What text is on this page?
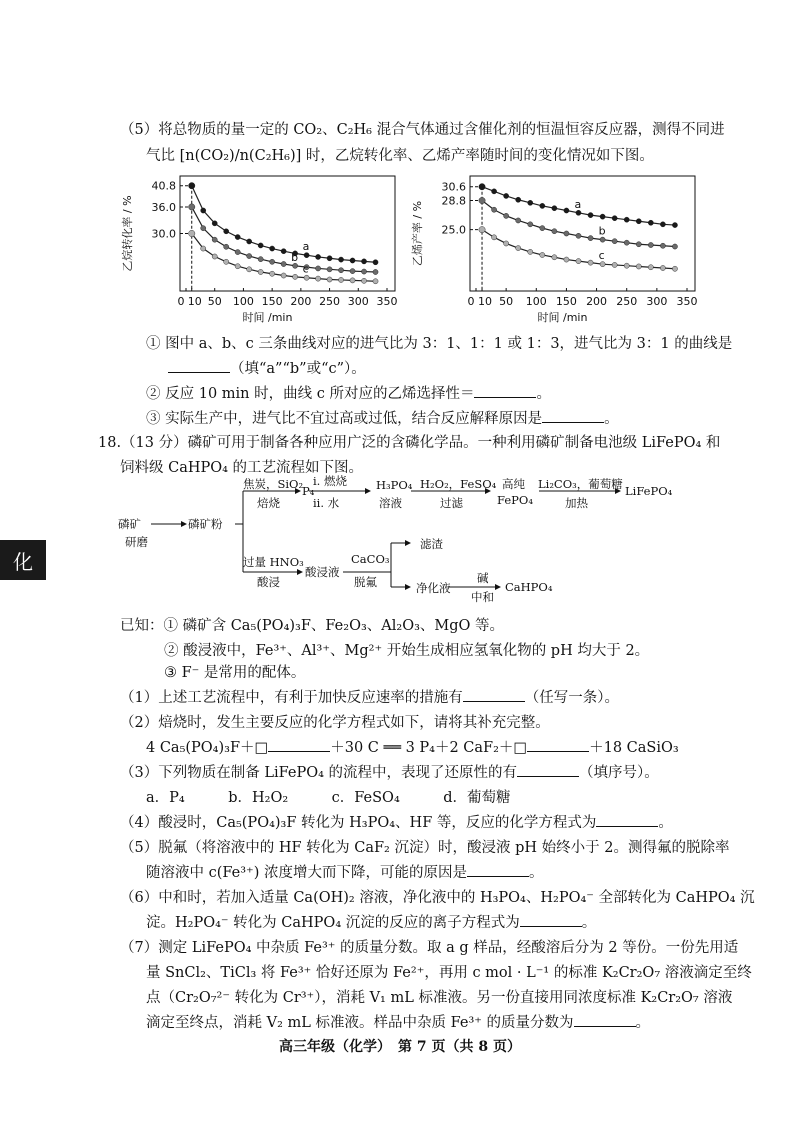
化
（5）将总物质的量一定的 CO₂、C₂H₆ 混合气体通过含催化剂的恒温恒容反应器，测得不同进
气比 [n(CO₂)/n(C₂H₆)] 时，乙烷转化率、乙烯产率随时间的变化情况如下图。
乙烷转化率 / %
0 10 50 100 150 200 250 300 350
时间 /min
40.8
36.0
30.0
a
b
c
乙烯产率 / %
0 10 50 100 150 200 250 300 350
时间 /min
30.6
28.8
25.0
a
b
c
① 图中 a、b、c 三条曲线对应的进气比为 3：1、1：1 或 1：3，进气比为 3：1 的曲线是
（填“a”“b”或“c”）。
② 反应 10 min 时，曲线 c 所对应的乙烯选择性＝	。
③ 实际生产中，进气比不宜过高或过低，结合反应解释原因是	。
18.（13 分）磷矿可用于制备各种应用广泛的含磷化学品。一种利用磷矿制备电池级 LiFePO₄ 和
饲料级 CaHPO₄ 的工艺流程如下图。
磷矿
研磨
磷矿粉
焦炭，SiO₂
焙烧
P₄
i. 燃烧
ii. 水
H₃PO₄
溶液
H₂O₂，FeSO₄
过滤
高纯
FePO₄
Li₂CO₃，葡萄糖
加热
LiFePO₄
过量 HNO₃
酸浸
酸浸液
CaCO₃
脱氟
滤渣
净化液
碱
中和
CaHPO₄
已知：① 磷矿含 Ca₅(PO₄)₃F、Fe₂O₃、Al₂O₃、MgO 等。
② 酸浸液中，Fe³⁺、Al³⁺、Mg²⁺ 开始生成相应氢氧化物的 pH 均大于 2。
③ F⁻ 是常用的配体。
（1）上述工艺流程中，有利于加快反应速率的措施有	（任写一条）。
（2）焙烧时，发生主要反应的化学方程式如下，请将其补充完整。
4 Ca₅(PO₄)₃F＋□	＋30 C ══ 3 P₄＋2 CaF₂＋□	＋18 CaSiO₃
（3）下列物质在制备 LiFePO₄ 的流程中，表现了还原性的有	（填序号）。
a．P₄　　　b．H₂O₂　　　c．FeSO₄　　　d．葡萄糖
（4）酸浸时，Ca₅(PO₄)₃F 转化为 H₃PO₄、HF 等，反应的化学方程式为	。
（5）脱氟（将溶液中的 HF 转化为 CaF₂ 沉淀）时，酸浸液 pH 始终小于 2。测得氟的脱除率
随溶液中 c(Fe³⁺) 浓度增大而下降，可能的原因是	。
（6）中和时，若加入适量 Ca(OH)₂ 溶液，净化液中的 H₃PO₄、H₂PO₄⁻ 全部转化为 CaHPO₄ 沉
淀。H₂PO₄⁻ 转化为 CaHPO₄ 沉淀的反应的离子方程式为	。
（7）测定 LiFePO₄ 中杂质 Fe³⁺ 的质量分数。取 a g 样品，经酸溶后分为 2 等份。一份先用适
量 SnCl₂、TiCl₃ 将 Fe³⁺ 恰好还原为 Fe²⁺，再用 c mol · L⁻¹ 的标准 K₂Cr₂O₇ 溶液滴定至终
点（Cr₂O₇²⁻ 转化为 Cr³⁺），消耗 V₁ mL 标准液。另一份直接用同浓度标准 K₂Cr₂O₇ 溶液
滴定至终点，消耗 V₂ mL 标准液。样品中杂质 Fe³⁺ 的质量分数为	。
高三年级（化学）　第 7 页（共 8 页）
